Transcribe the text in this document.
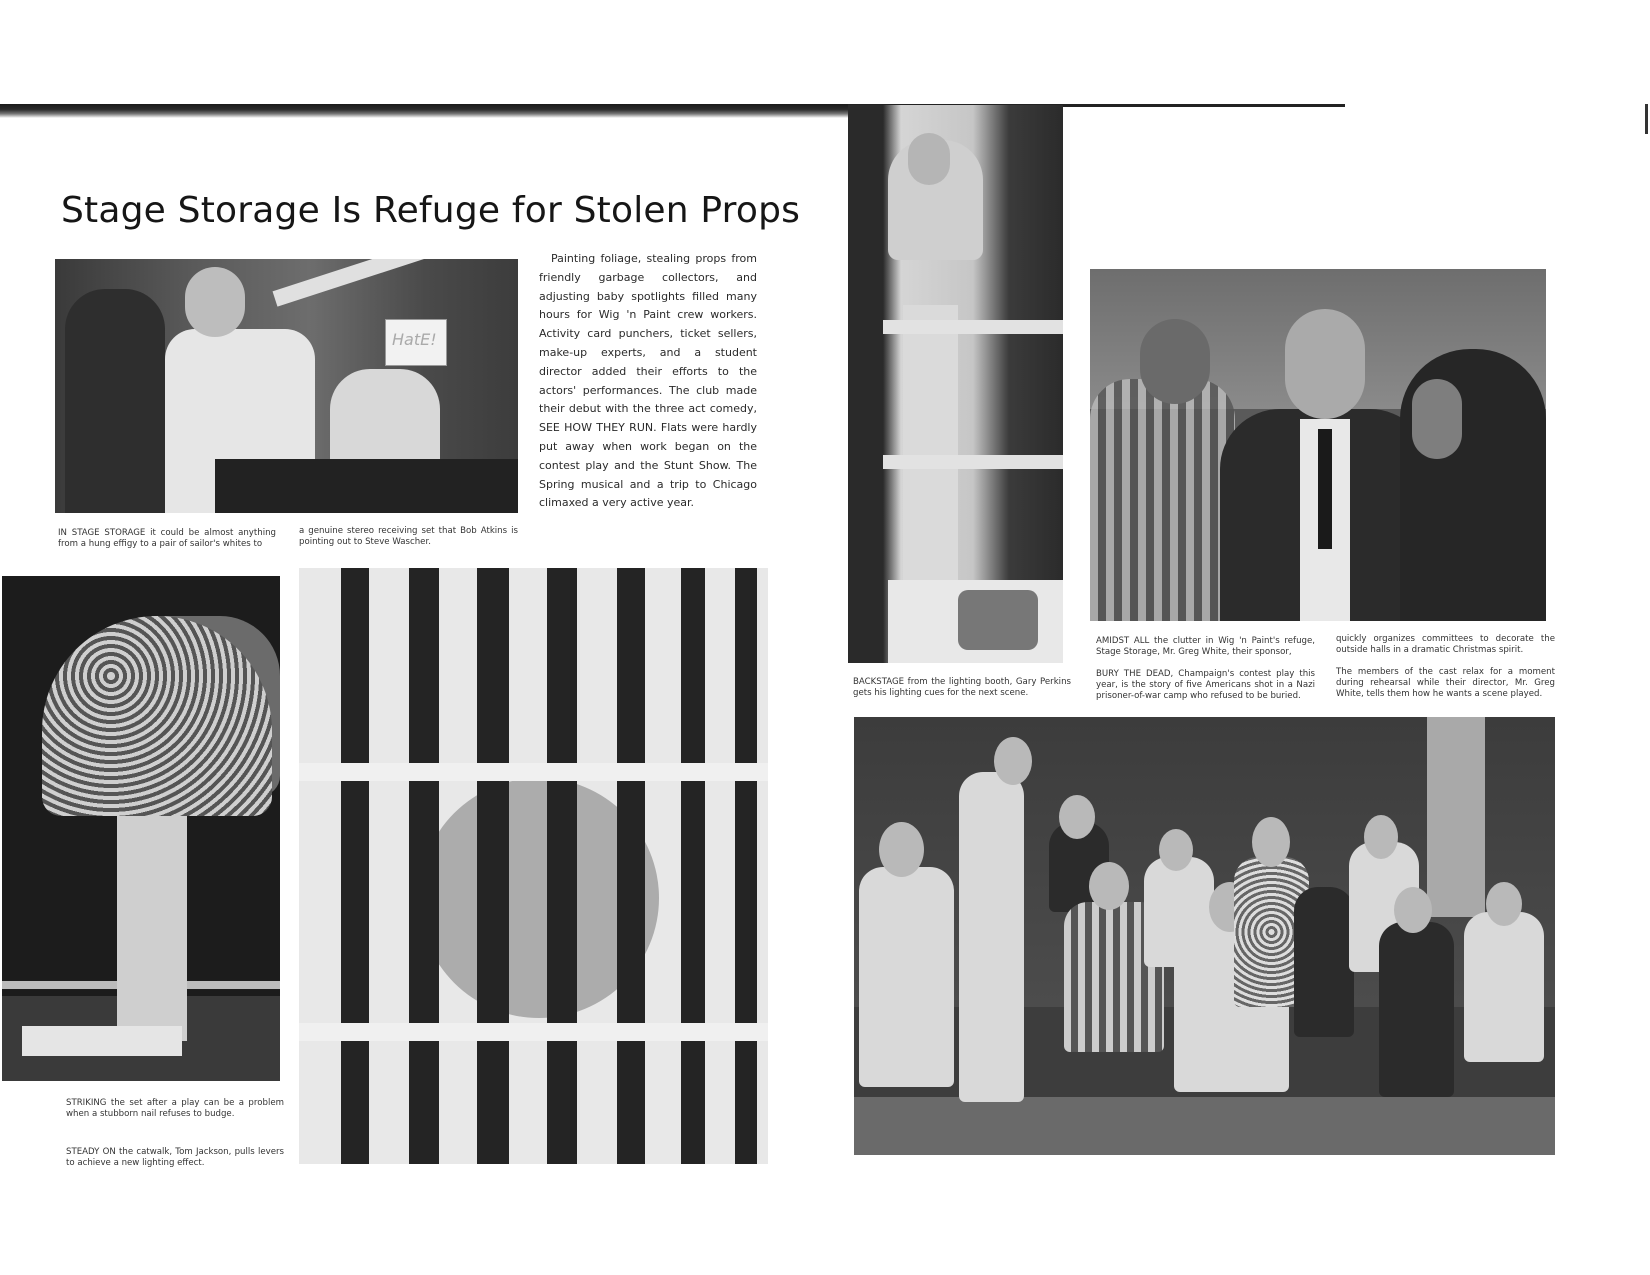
Stage Storage Is Refuge for Stolen Props
HatE!
Painting foliage, stealing props from friendly garbage collectors, and adjusting baby spotlights filled many hours for Wig 'n Paint crew workers. Activity card punchers, ticket sellers, make-up experts, and a student director added their efforts to the actors' performances. The club made their debut with the three act comedy, SEE HOW THEY RUN. Flats were hardly put away when work began on the contest play and the Stunt Show. The Spring musical and a trip to Chicago climaxed a very active year.
IN STAGE STORAGE it could be almost anything from a hung effigy to a pair of sailor's whites to
a genuine stereo receiving set that Bob Atkins is pointing out to Steve Wascher.
STRIKING the set after a play can be a problem when a stubborn nail refuses to budge.
STEADY ON the catwalk, Tom Jackson, pulls levers to achieve a new lighting effect.
BACKSTAGE from the lighting booth, Gary Perkins gets his lighting cues for the next scene.
AMIDST ALL the clutter in Wig 'n Paint's refuge, Stage Storage, Mr. Greg White, their sponsor,
BURY THE DEAD, Champaign's contest play this year, is the story of five Americans shot in a Nazi prisoner-of-war camp who refused to be buried.
quickly organizes committees to decorate the outside halls in a dramatic Christmas spirit.
The members of the cast relax for a moment during rehearsal while their director, Mr. Greg White, tells them how he wants a scene played.
